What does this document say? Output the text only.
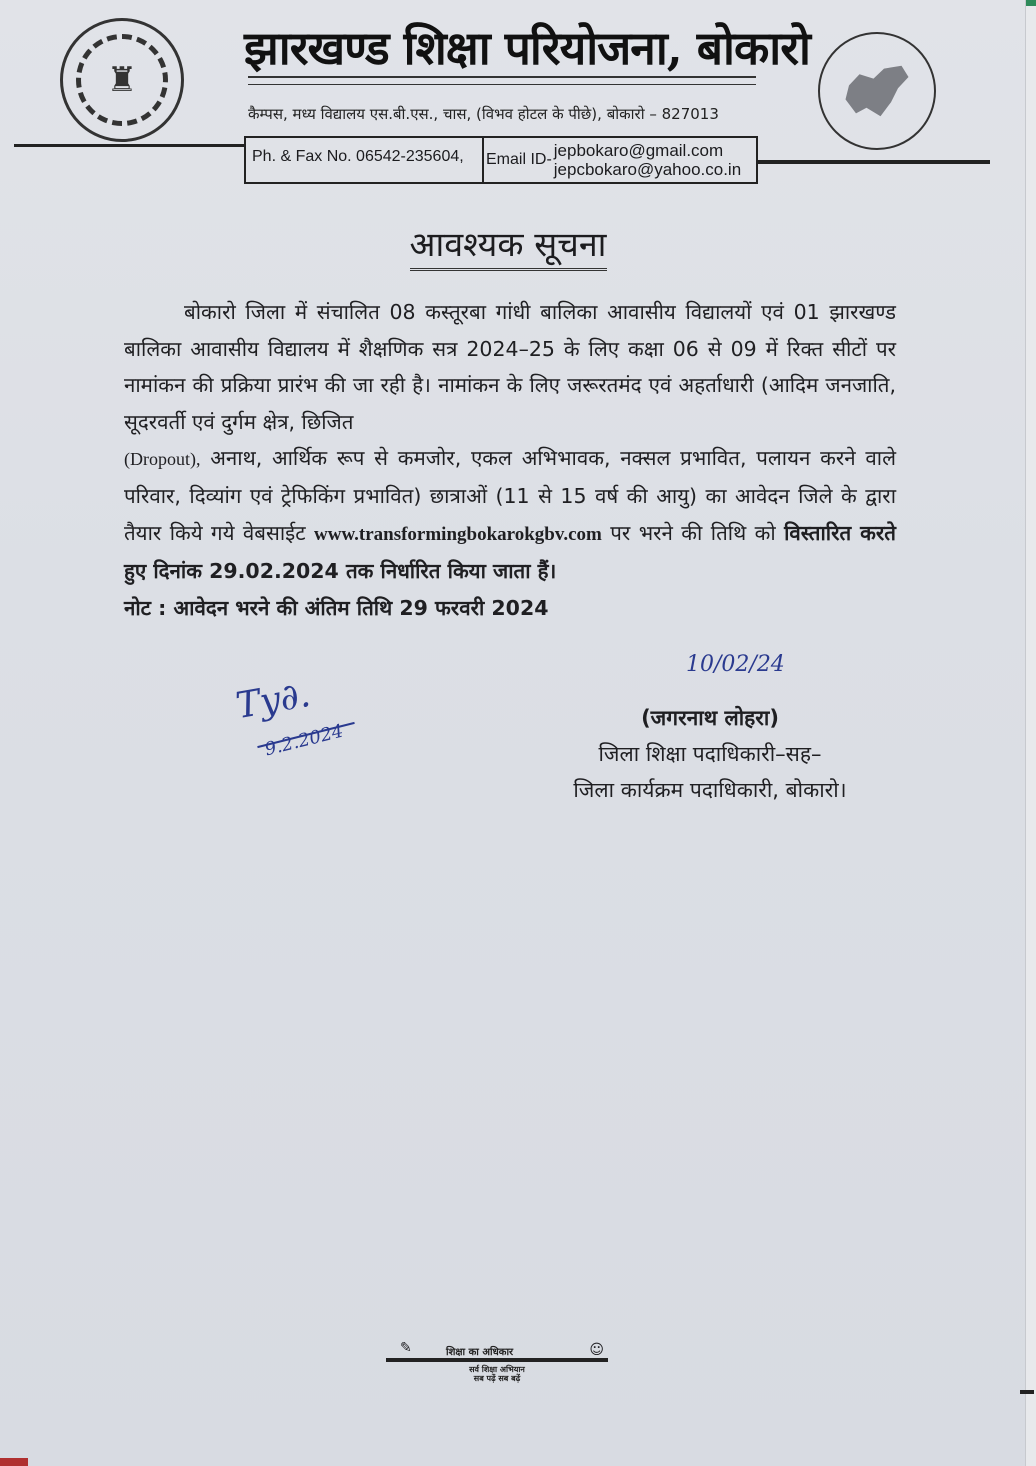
♜
झारखण्ड शिक्षा परियोजना, बोकारो
कैम्पस, मध्य विद्यालय एस.बी.एस., चास, (विभव होटल के पीछे), बोकारो – 827013
Ph. & Fax No. 06542-235604,	Email ID- jepbokaro@gmail.com
jepcbokaro@yahoo.co.in
आवश्यक सूचना
बोकारो जिला में संचालित 08 कस्तूरबा गांधी बालिका आवासीय विद्यालयों एवं 01 झारखण्ड बालिका आवासीय विद्यालय में शैक्षणिक सत्र 2024–25 के लिए कक्षा 06 से 09 में रिक्त सीटों पर नामांकन की प्रक्रिया प्रारंभ की जा रही है। नामांकन के लिए जरूरतमंद एवं अहर्ताधारी (आदिम जनजाति, सूदरवर्ती एवं दुर्गम क्षेत्र, छिजित
(Dropout), अनाथ, आर्थिक रूप से कमजोर, एकल अभिभावक, नक्सल प्रभावित, पलायन करने वाले परिवार, दिव्यांग एवं ट्रेफिकिंग प्रभावित) छात्राओं (11 से 15 वर्ष की आयु) का आवेदन जिले के द्वारा तैयार किये गये वेबसाईट www.transformingbokarokgbv.com पर भरने की तिथि को विस्तारित करते हुए दिनांक 29.02.2024 तक निर्धारित किया जाता हैं।
नोट : आवेदन भरने की अंतिम तिथि 29 फरवरी 2024
10/02/24
Ty∂.
9.2.2024
(जगरनाथ लोहरा)
जिला शिक्षा पदाधिकारी–सह–
जिला कार्यक्रम पदाधिकारी, बोकारो।
✎	शिक्षा का अधिकार	☺
सर्व शिक्षा अभियान
सब पढ़ें सब बढ़ें
